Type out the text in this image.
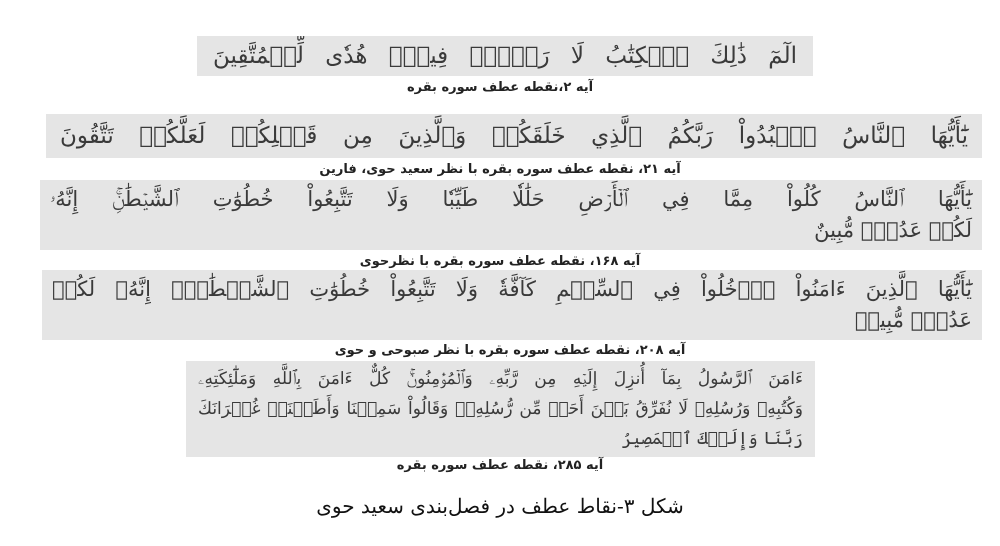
الٓمٓ ذَٰلِكَ ٱلۡكِتَٰبُ لَا رَيۡبَۛ فِيهِۛ هُدٗى لِّلۡمُتَّقِينَ
آیه ۲،نقطه عطف سوره بقره
يَٰٓأَيُّهَا ٱلنَّاسُ ٱعۡبُدُواْ رَبَّكُمُ ٱلَّذِي خَلَقَكُمۡ وَٱلَّذِينَ مِن قَبۡلِكُمۡ لَعَلَّكُمۡ تَتَّقُونَ
آیه ۲۱، نقطه عطف سوره بقره با نظر سعید حوی، فارین
يَٰٓأَيُّهَا ٱلنَّاسُ كُلُواْ مِمَّا فِي ٱلۡأَرۡضِ حَلَٰلٗا طَيِّبٗا وَلَا تَتَّبِعُواْ خُطُوَٰتِ ٱلشَّيۡطَٰنِۚ إِنَّهُۥ
لَكُمۡ عَدُوّٞ مُّبِينٌ
آیه ۱۶۸، نقطه عطف سوره بقره با نظرحوی
يَٰٓأَيُّهَا ٱلَّذِينَ ءَامَنُواْ ٱدۡخُلُواْ فِي ٱلسِّلۡمِ كَآفَّةٗ وَلَا تَتَّبِعُواْ خُطُوَٰتِ ٱلشَّيۡطَٰنِۚ إِنَّهُۥ لَكُمۡ
عَدُوّٞ مُّبِينٞ
آیه ۲۰۸، نقطه عطف سوره بقره با نظر صبوحی و حوی
ءَامَنَ ٱلرَّسُولُ بِمَآ أُنزِلَ إِلَيۡهِ مِن رَّبِّهِۦ وَٱلۡمُؤۡمِنُونَۚ كُلٌّ ءَامَنَ بِٱللَّهِ وَمَلَٰٓئِكَتِهِۦ
وَكُتُبِهِۦ وَرُسُلِهِۦ لَا نُفَرِّقُ بَيۡنَ أَحَدٖ مِّن رُّسُلِهِۦۚ وَقَالُواْ سَمِعۡنَا وَأَطَعۡنَاۖ غُفۡرَانَكَ
رَبَّنَا وَإِلَيۡكَ ٱلۡمَصِيرُ
آیه ۲۸۵، نقطه عطف سوره بقره
شکل ۳-نقاط عطف در فصل‌بندی سعید حوی
